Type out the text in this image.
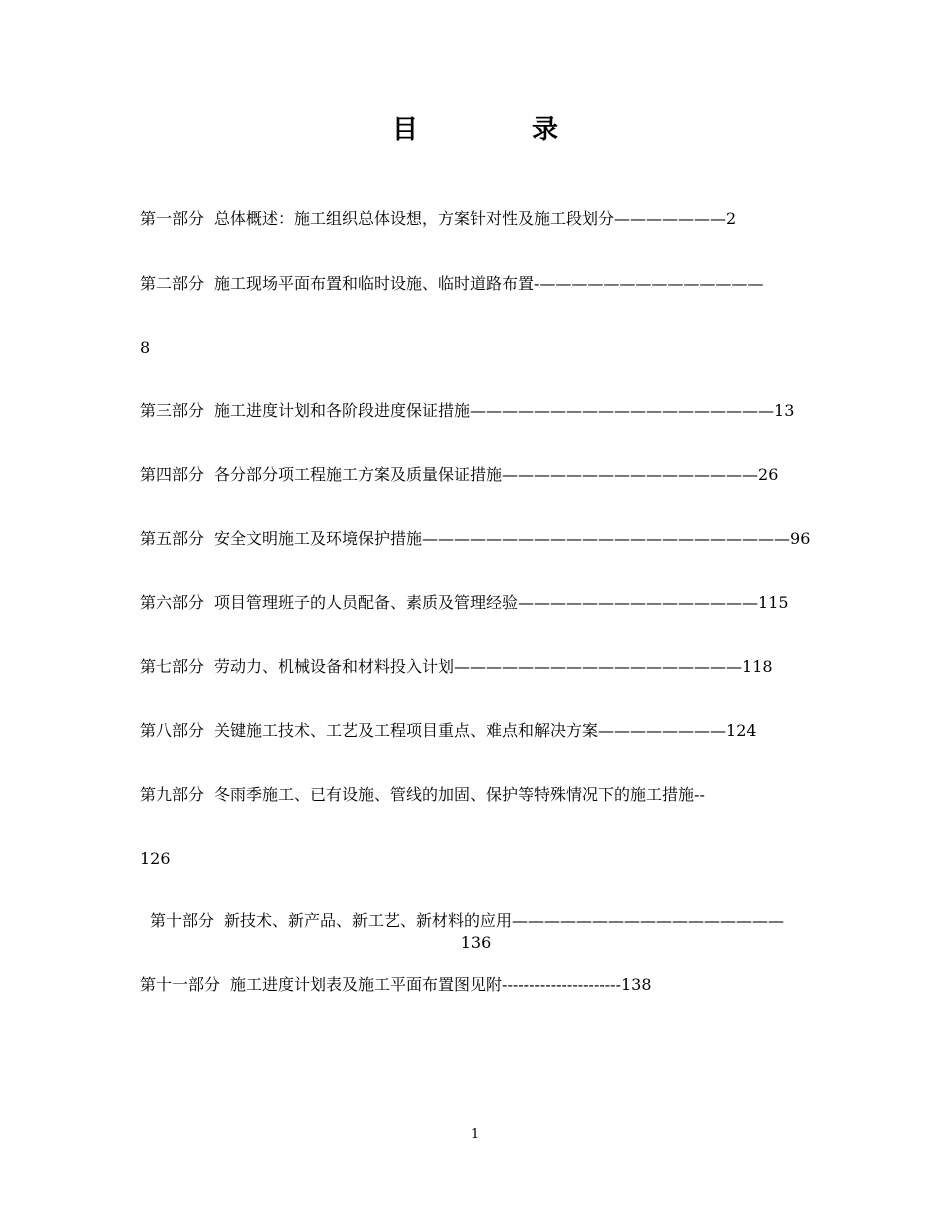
目　录
第一部分 总体概述：施工组织总体设想，方案针对性及施工段划分———————2
第二部分 施工现场平面布置和临时设施、临时道路布置-——————————————
8
第三部分 施工进度计划和各阶段进度保证措施———————————————————13
第四部分 各分部分项工程施工方案及质量保证措施————————————————26
第五部分 安全文明施工及环境保护措施———————————————————————96
第六部分 项目管理班子的人员配备、素质及管理经验———————————————115
第七部分 劳动力、机械设备和材料投入计划——————————————————118
第八部分 关键施工技术、工艺及工程项目重点、难点和解决方案————————124
第九部分 冬雨季施工、已有设施、管线的加固、保护等特殊情况下的施工措施--
126
第十部分 新技术、新产品、新工艺、新材料的应用—————————————————
136
第十一部分 施工进度计划表及施工平面布置图见附----------------------138
1
